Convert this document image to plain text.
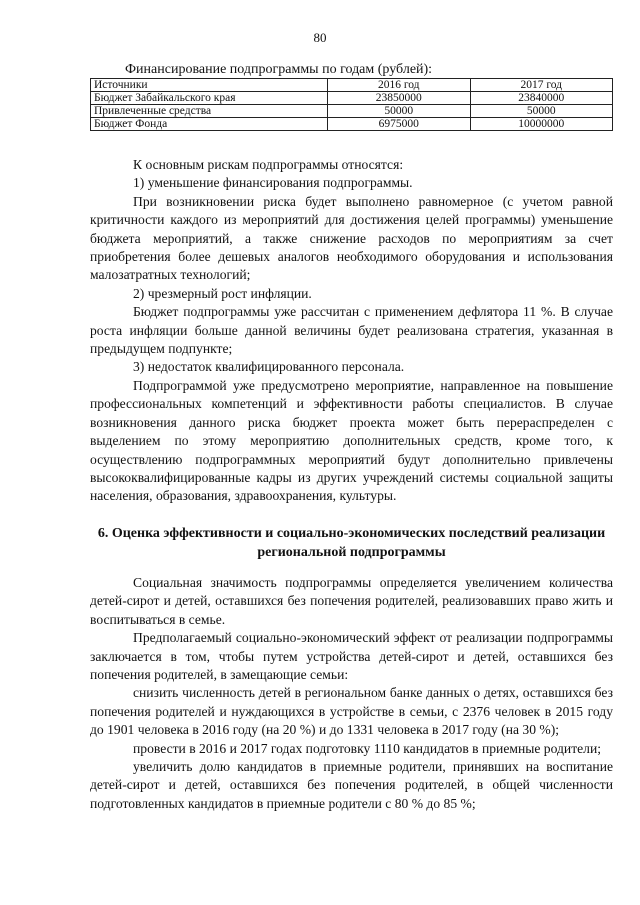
80
Финансирование подпрограммы по годам (рублей):
Источники	2016 год	2017 год
Бюджет Забайкальского края	23850000	23840000
Привлеченные средства	50000	50000
Бюджет Фонда	6975000	10000000

К основным рискам подпрограммы относятся:

1) уменьшение финансирования подпрограммы.

При возникновении риска будет выполнено равномерное (с учетом равной критичности каждого из мероприятий для достижения целей программы) уменьшение бюджета мероприятий, а также снижение расходов по мероприятиям за счет приобретения более дешевых аналогов необходимого оборудования и использования малозатратных технологий;

2) чрезмерный рост инфляции.

Бюджет подпрограммы уже рассчитан с применением дефлятора 11 %. В случае роста инфляции больше данной величины будет реализована стратегия, указанная в предыдущем подпункте;

3) недостаток квалифицированного персонала.

Подпрограммой уже предусмотрено мероприятие, направленное на повышение профессиональных компетенций и эффективности работы специалистов. В случае возникновения данного риска бюджет проекта может быть перераспределен с выделением по этому мероприятию дополнительных средств, кроме того, к осуществлению подпрограммных мероприятий будут дополнительно привлечены высококвалифицированные кадры из других учреждений системы социальной защиты населения, образования, здравоохранения, культуры.

6. Оценка эффективности и социально-экономических последствий реализации региональной подпрограммы

Социальная значимость подпрограммы определяется увеличением количества детей-сирот и детей, оставшихся без попечения родителей, реализовавших право жить и воспитываться в семье.

Предполагаемый социально-экономический эффект от реализации подпрограммы заключается в том, чтобы путем устройства детей-сирот и детей, оставшихся без попечения родителей, в замещающие семьи:

снизить численность детей в региональном банке данных о детях, оставшихся без попечения родителей и нуждающихся в устройстве в семьи, с 2376 человек в 2015 году до 1901 человека в 2016 году (на 20 %) и до 1331 человека в 2017 году (на 30 %);

провести в 2016 и 2017 годах подготовку 1110 кандидатов в приемные родители;

увеличить долю кандидатов в приемные родители, принявших на воспитание детей-сирот и детей, оставшихся без попечения родителей, в общей численности подготовленных кандидатов в приемные родители с 80 % до 85 %;
